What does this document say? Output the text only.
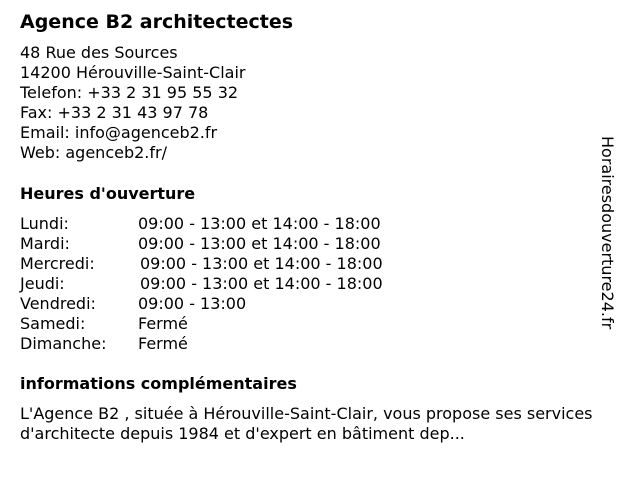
Agence B2 architectectes
48 Rue des Sources
14200 Hérouville-Saint-Clair
Telefon: +33 2 31 95 55 32
Fax: +33 2 31 43 97 78
Email: info@agenceb2.fr
Web: agenceb2.fr/
Heures d'ouverture
Lundi:	09:00 - 13:00 et 14:00 - 18:00
Mardi:	09:00 - 13:00 et 14:00 - 18:00
Mercredi:	09:00 - 13:00 et 14:00 - 18:00
Jeudi:	09:00 - 13:00 et 14:00 - 18:00
Vendredi:	09:00 - 13:00
Samedi:	Fermé
Dimanche: Fermé
informations complémentaires
L'Agence B2 , située à Hérouville-Saint-Clair, vous propose ses services d'architecte depuis 1984 et d'expert en bâtiment dep...
Horairesdouverture24.fr
